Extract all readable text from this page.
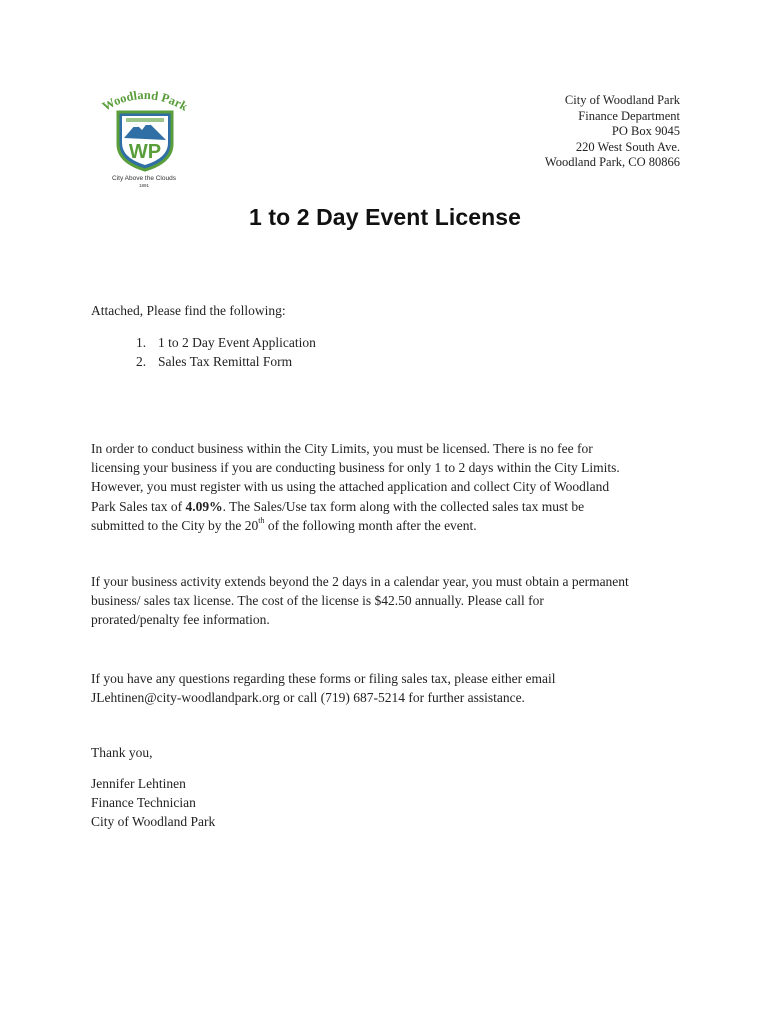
Woodland Park
WP
City Above the Clouds
1891
City of Woodland Park
Finance Department
PO Box 9045
220 West South Ave.
Woodland Park, CO 80866
1 to 2 Day Event License
Attached, Please find the following:
1. 1 to 2 Day Event Application
2. Sales Tax Remittal Form
In order to conduct business within the City Limits, you must be licensed. There is no fee for
licensing your business if you are conducting business for only 1 to 2 days within the City Limits.
However, you must register with us using the attached application and collect City of Woodland
Park Sales tax of 4.09%. The Sales/Use tax form along with the collected sales tax must be
submitted to the City by the 20th of the following month after the event.
If your business activity extends beyond the 2 days in a calendar year, you must obtain a permanent
business/ sales tax license. The cost of the license is $42.50 annually. Please call for
prorated/penalty fee information.
If you have any questions regarding these forms or filing sales tax, please either email
JLehtinen@city-woodlandpark.org or call (719) 687-5214 for further assistance.
Thank you,
Jennifer Lehtinen
Finance Technician
City of Woodland Park
